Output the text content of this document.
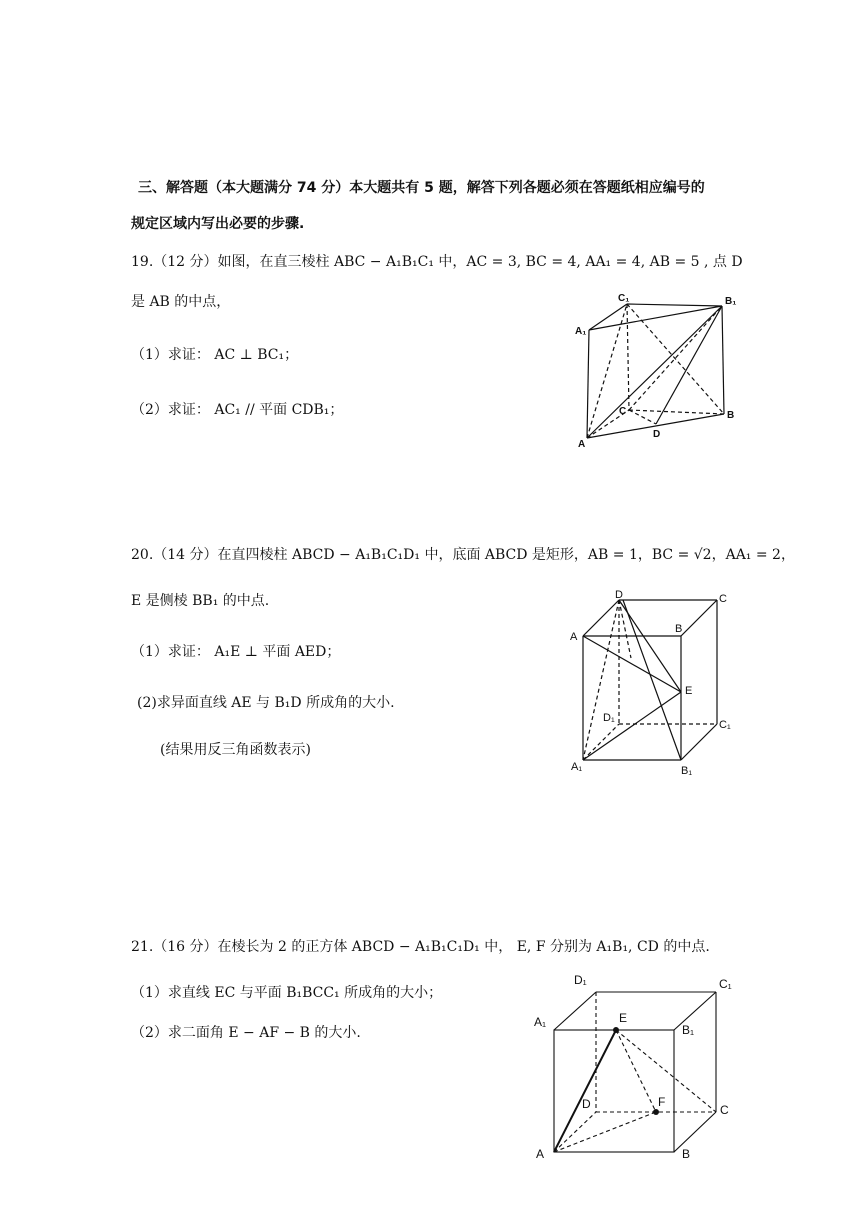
三、解答题（本大题满分 74 分）本大题共有 5 题，解答下列各题必须在答题纸相应编号的
规定区域内写出必要的步骤.
19.（12 分）如图，在直三棱柱 ABC − A₁B₁C₁ 中，AC = 3, BC = 4, AA₁ = 4, AB = 5 , 点 D
是 AB 的中点，
（1）求证： AC ⊥ BC₁；
（2）求证： AC₁ // 平面 CDB₁；
C₁	B₁
A₁
C	B
A
D
20.（14 分）在直四棱柱 ABCD − A₁B₁C₁D₁ 中，底面 ABCD 是矩形，AB = 1，BC = √2，AA₁ = 2，
E 是侧棱 BB₁ 的中点.
（1）求证： A₁E ⊥ 平面 AED；
(2)求异面直线 AE 与 B₁D 所成角的大小.
(结果用反三角函数表示)
D	C
A
B
E
D₁
C₁
A₁	B₁
21.（16 分）在棱长为 2 的正方体 ABCD − A₁B₁C₁D₁ 中， E, F 分别为 A₁B₁, CD 的中点.
（1）求直线 EC 与平面 B₁BCC₁ 所成角的大小；
（2）求二面角 E − AF − B 的大小.
D₁	C₁
A₁	E
B₁
D	F
C
A	B
